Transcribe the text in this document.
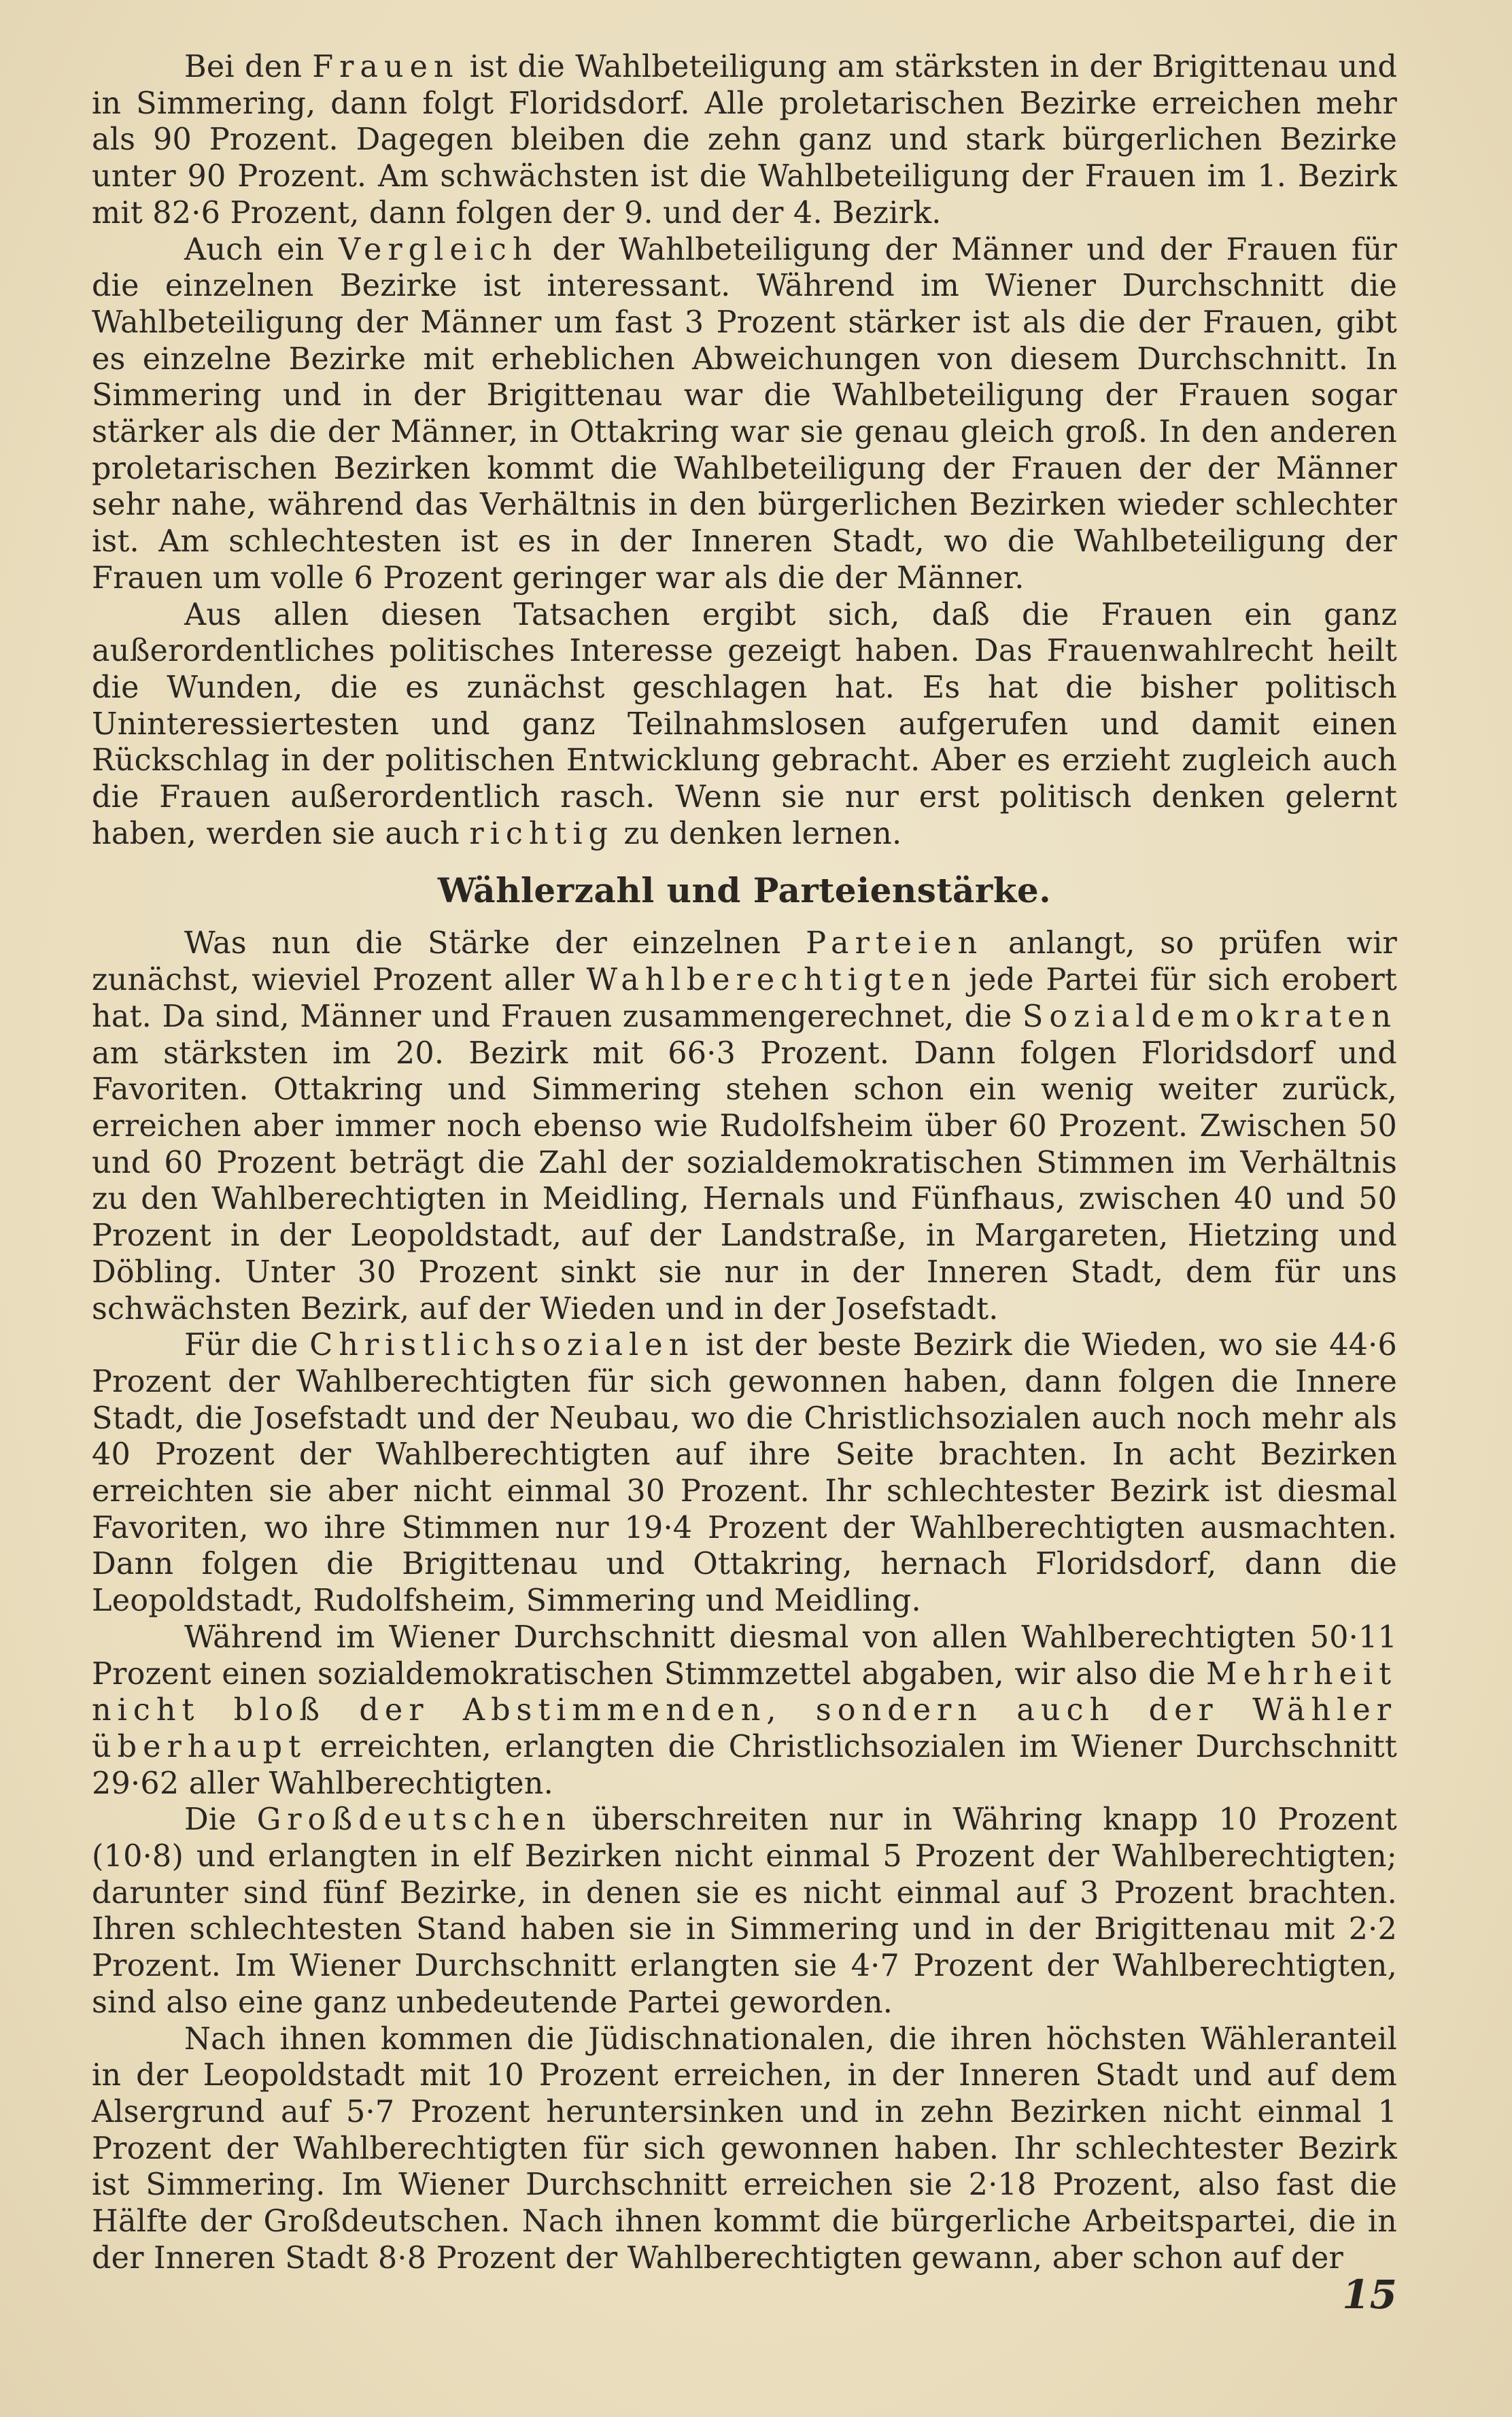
Bei den Frauen ist die Wahlbeteiligung am stärksten in der Brigittenau und in Simmering, dann folgt Floridsdorf. Alle proletarischen Bezirke erreichen mehr als 90 Prozent. Dagegen bleiben die zehn ganz und stark bürgerlichen Bezirke unter 90 Prozent. Am schwächsten ist die Wahlbeteiligung der Frauen im 1. Bezirk mit 82·6 Prozent, dann folgen der 9. und der 4. Bezirk.

Auch ein Vergleich der Wahlbeteiligung der Männer und der Frauen für die einzelnen Bezirke ist interessant. Während im Wiener Durchschnitt die Wahlbeteiligung der Männer um fast 3 Prozent stärker ist als die der Frauen, gibt es einzelne Bezirke mit erheblichen Abweichungen von diesem Durchschnitt. In Simmering und in der Brigittenau war die Wahlbeteiligung der Frauen sogar stärker als die der Männer, in Ottakring war sie genau gleich groß. In den anderen proletarischen Bezirken kommt die Wahlbeteiligung der Frauen der der Männer sehr nahe, während das Verhältnis in den bürgerlichen Bezirken wieder schlechter ist. Am schlechtesten ist es in der Inneren Stadt, wo die Wahlbeteiligung der Frauen um volle 6 Prozent geringer war als die der Männer.

Aus allen diesen Tatsachen ergibt sich, daß die Frauen ein ganz außerordentliches politisches Interesse gezeigt haben. Das Frauenwahlrecht heilt die Wunden, die es zunächst geschlagen hat. Es hat die bisher politisch Uninteressiertesten und ganz Teilnahmslosen aufgerufen und damit einen Rückschlag in der politischen Entwicklung gebracht. Aber es erzieht zugleich auch die Frauen außerordentlich rasch. Wenn sie nur erst politisch denken gelernt haben, werden sie auch richtig zu denken lernen.

Wählerzahl und Parteienstärke.

Was nun die Stärke der einzelnen Parteien anlangt, so prüfen wir zunächst, wieviel Prozent aller Wahlberechtigten jede Partei für sich erobert hat. Da sind, Männer und Frauen zusammengerechnet, die Sozialdemokraten am stärksten im 20. Bezirk mit 66·3 Prozent. Dann folgen Floridsdorf und Favoriten. Ottakring und Simmering stehen schon ein wenig weiter zurück, erreichen aber immer noch ebenso wie Rudolfsheim über 60 Prozent. Zwischen 50 und 60 Prozent beträgt die Zahl der sozialdemokratischen Stimmen im Verhältnis zu den Wahlberechtigten in Meidling, Hernals und Fünfhaus, zwischen 40 und 50 Prozent in der Leopoldstadt, auf der Landstraße, in Margareten, Hietzing und Döbling. Unter 30 Prozent sinkt sie nur in der Inneren Stadt, dem für uns schwächsten Bezirk, auf der Wieden und in der Josefstadt.

Für die Christlichsozialen ist der beste Bezirk die Wieden, wo sie 44·6 Prozent der Wahlberechtigten für sich gewonnen haben, dann folgen die Innere Stadt, die Josefstadt und der Neubau, wo die Christlichsozialen auch noch mehr als 40 Prozent der Wahlberechtigten auf ihre Seite brachten. In acht Bezirken erreichten sie aber nicht einmal 30 Prozent. Ihr schlechtester Bezirk ist diesmal Favoriten, wo ihre Stimmen nur 19·4 Prozent der Wahlberechtigten ausmachten. Dann folgen die Brigittenau und Ottakring, hernach Floridsdorf, dann die Leopoldstadt, Rudolfsheim, Simmering und Meidling.

Während im Wiener Durchschnitt diesmal von allen Wahlberechtigten 50·11 Prozent einen sozialdemokratischen Stimmzettel abgaben, wir also die Mehrheit nicht bloß der Abstimmenden, sondern auch der Wähler überhaupt erreichten, erlangten die Christlichsozialen im Wiener Durchschnitt 29·62 aller Wahlberechtigten.

Die Großdeutschen überschreiten nur in Währing knapp 10 Prozent (10·8) und erlangten in elf Bezirken nicht einmal 5 Prozent der Wahlberechtigten; darunter sind fünf Bezirke, in denen sie es nicht einmal auf 3 Prozent brachten. Ihren schlechtesten Stand haben sie in Simmering und in der Brigittenau mit 2·2 Prozent. Im Wiener Durchschnitt erlangten sie 4·7 Prozent der Wahlberechtigten, sind also eine ganz unbedeutende Partei geworden.

Nach ihnen kommen die Jüdischnationalen, die ihren höchsten Wähleranteil in der Leopoldstadt mit 10 Prozent erreichen, in der Inneren Stadt und auf dem Alsergrund auf 5·7 Prozent heruntersinken und in zehn Bezirken nicht einmal 1 Prozent der Wahlberechtigten für sich gewonnen haben. Ihr schlechtester Bezirk ist Simmering. Im Wiener Durchschnitt erreichen sie 2·18 Prozent, also fast die Hälfte der Großdeutschen. Nach ihnen kommt die bürgerliche Arbeitspartei, die in der Inneren Stadt 8·8 Prozent der Wahlberechtigten gewann, aber schon auf der

15
